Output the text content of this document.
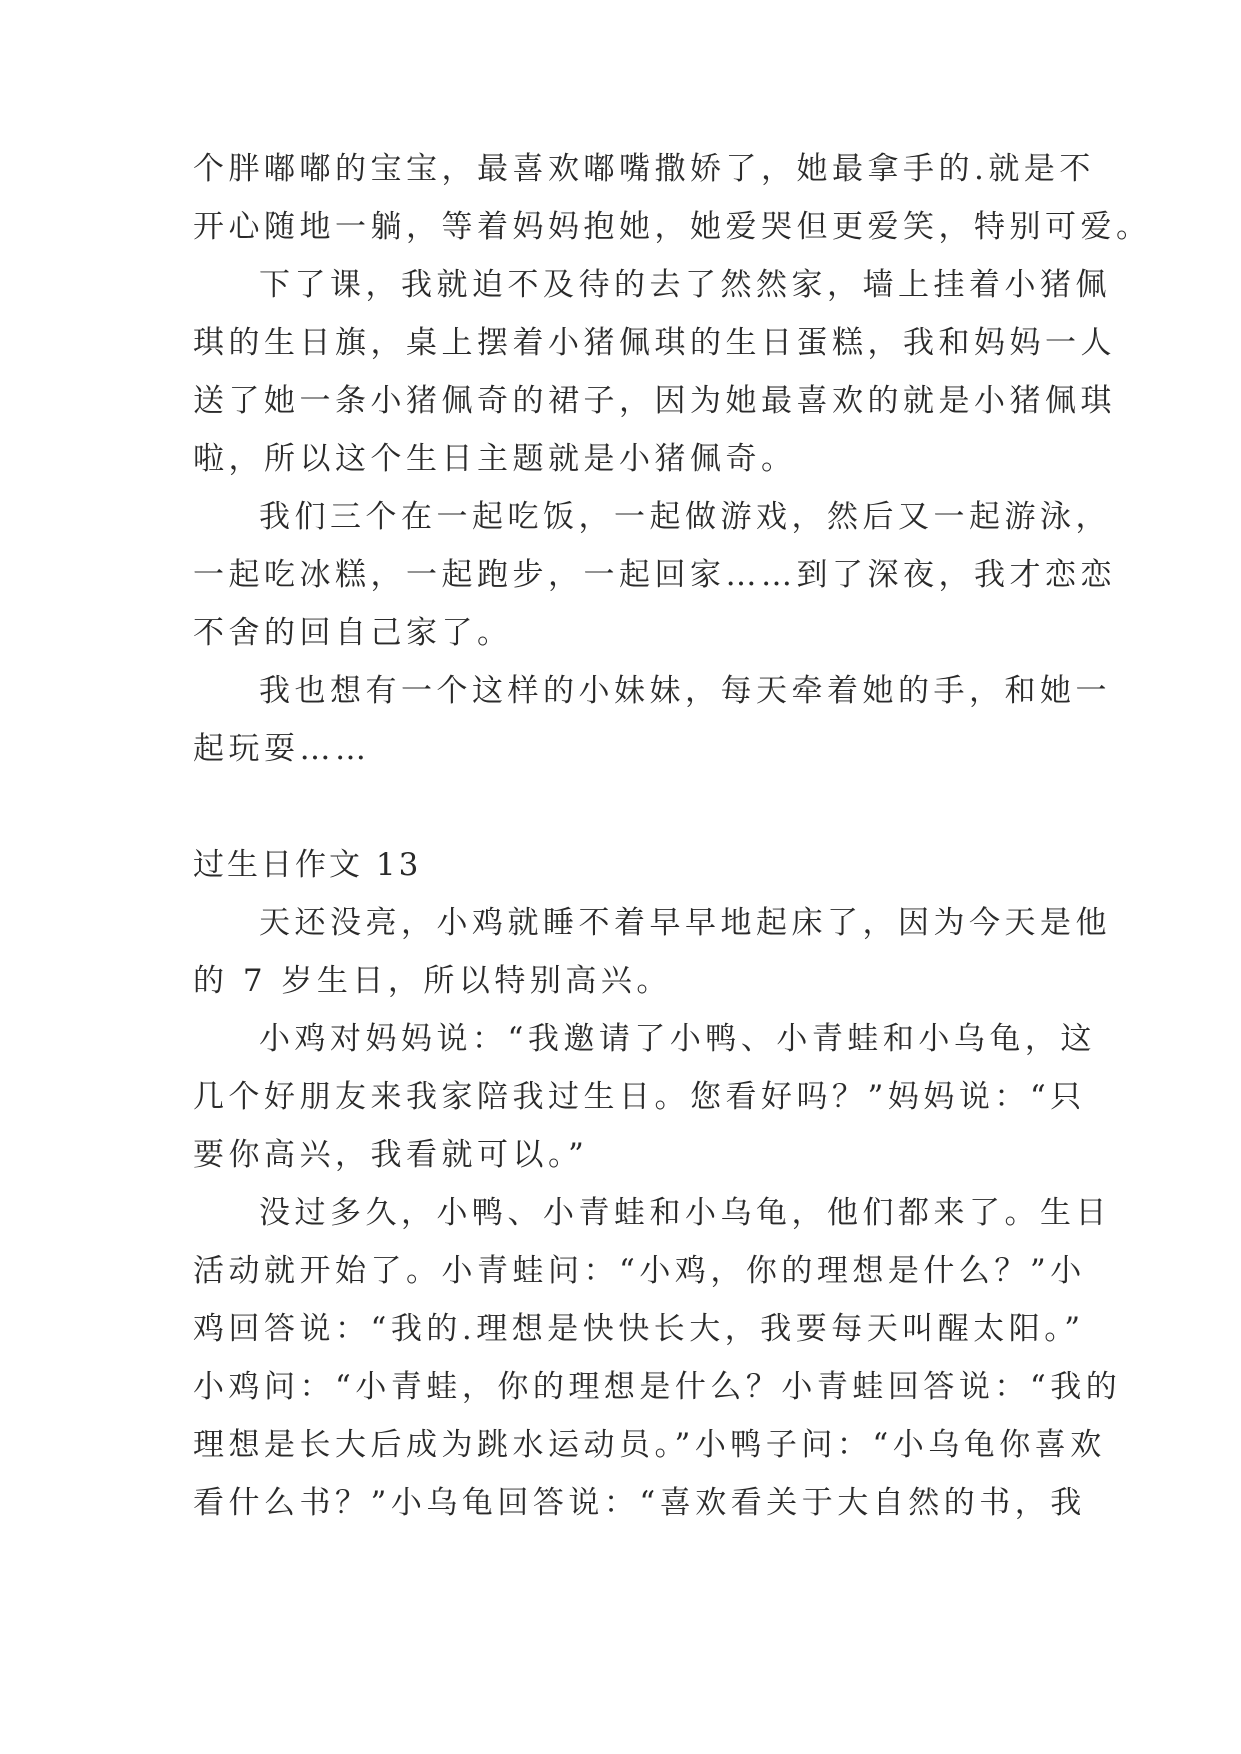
个胖嘟嘟的宝宝，最喜欢嘟嘴撒娇了，她最拿手的.就是不
开心随地一躺，等着妈妈抱她，她爱哭但更爱笑，特别可爱。
下了课，我就迫不及待的去了然然家，墙上挂着小猪佩
琪的生日旗，桌上摆着小猪佩琪的生日蛋糕，我和妈妈一人
送了她一条小猪佩奇的裙子，因为她最喜欢的就是小猪佩琪
啦，所以这个生日主题就是小猪佩奇。
我们三个在一起吃饭，一起做游戏，然后又一起游泳，
一起吃冰糕，一起跑步，一起回家……到了深夜，我才恋恋
不舍的回自己家了。
我也想有一个这样的小妹妹，每天牵着她的手，和她一
起玩耍……
过生日作文 13
天还没亮，小鸡就睡不着早早地起床了，因为今天是他
的 7 岁生日，所以特别高兴。
小鸡对妈妈说：“我邀请了小鸭、小青蛙和小乌龟，这
几个好朋友来我家陪我过生日。您看好吗？”妈妈说：“只
要你高兴，我看就可以。”
没过多久，小鸭、小青蛙和小乌龟，他们都来了。生日
活动就开始了。小青蛙问：“小鸡，你的理想是什么？”小
鸡回答说：“我的.理想是快快长大，我要每天叫醒太阳。”
小鸡问：“小青蛙，你的理想是什么？小青蛙回答说：“我的
理想是长大后成为跳水运动员。”小鸭子问：“小乌龟你喜欢
看什么书？”小乌龟回答说：“喜欢看关于大自然的书，我
